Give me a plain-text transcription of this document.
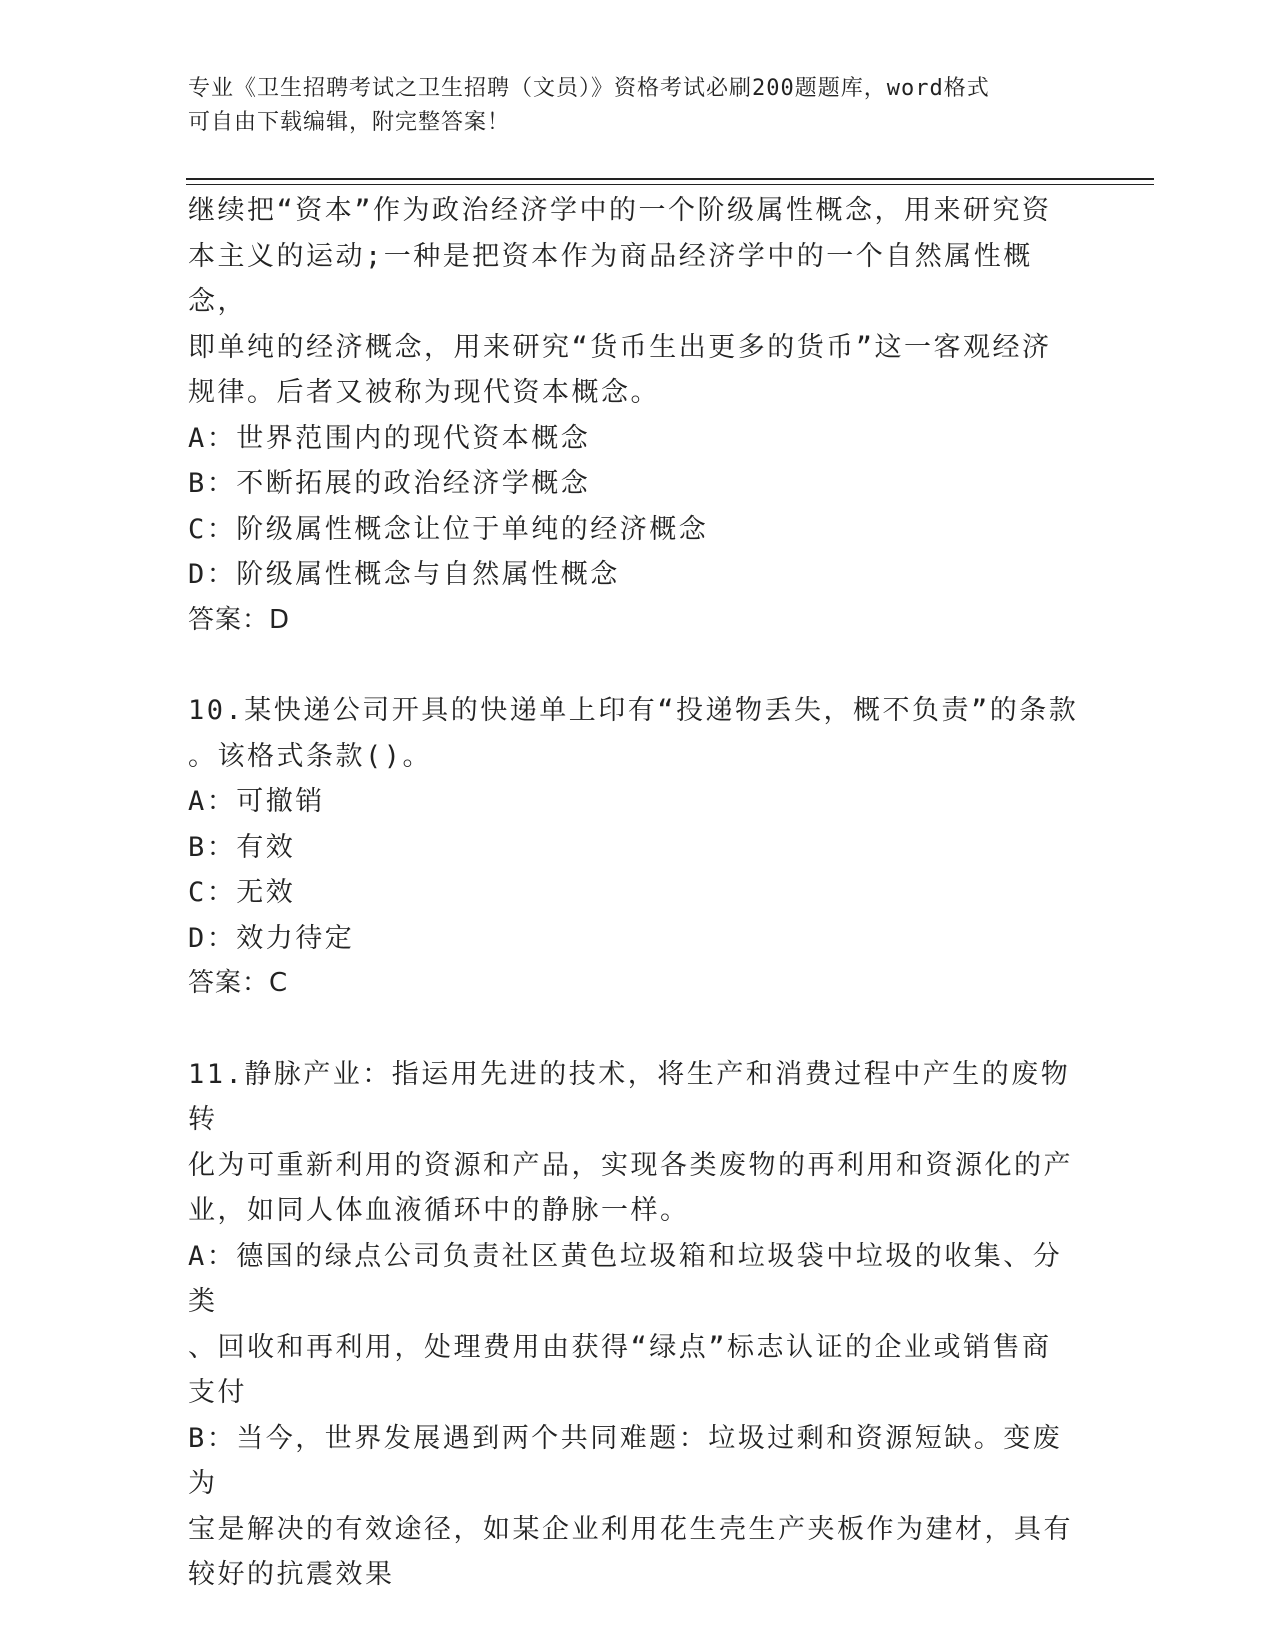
专业《卫生招聘考试之卫生招聘（文员）》资格考试必刷200题题库，word格式

可自由下载编辑，附完整答案！

继续把“资本”作为政治经济学中的一个阶级属性概念，用来研究资

本主义的运动;一种是把资本作为商品经济学中的一个自然属性概念，

即单纯的经济概念，用来研究“货币生出更多的货币”这一客观经济

规律。后者又被称为现代资本概念。

A：世界范围内的现代资本概念

B：不断拓展的政治经济学概念

C：阶级属性概念让位于单纯的经济概念

D：阶级属性概念与自然属性概念

答案：D

10.某快递公司开具的快递单上印有“投递物丢失，概不负责”的条款

。该格式条款()。

A：可撤销

B：有效

C：无效

D：效力待定

答案：C

11.静脉产业：指运用先进的技术，将生产和消费过程中产生的废物转

化为可重新利用的资源和产品，实现各类废物的再利用和资源化的产

业，如同人体血液循环中的静脉一样。

A：德国的绿点公司负责社区黄色垃圾箱和垃圾袋中垃圾的收集、分类

、回收和再利用，处理费用由获得“绿点”标志认证的企业或销售商

支付

B：当今，世界发展遇到两个共同难题：垃圾过剩和资源短缺。变废为

宝是解决的有效途径，如某企业利用花生壳生产夹板作为建材，具有

较好的抗震效果
